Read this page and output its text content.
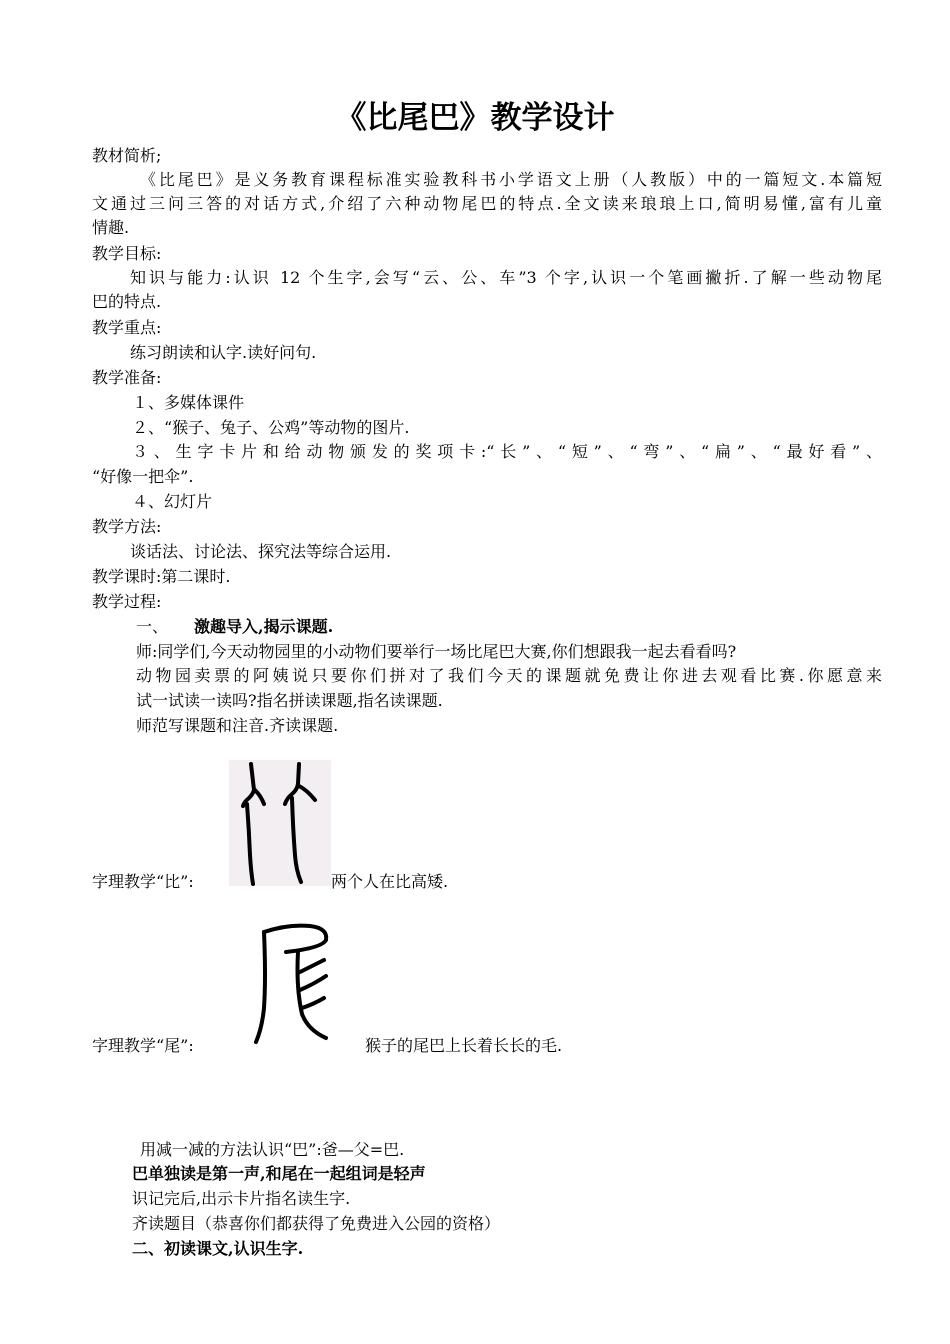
《比尾巴》教学设计
教材简析;
《比尾巴》是义务教育课程标准实验教科书小学语文上册（人教版）中的一篇短文.本篇短
文通过三问三答的对话方式,介绍了六种动物尾巴的特点.全文读来琅琅上口,简明易懂,富有儿童
情趣.
教学目标:
知识与能力:认识 12 个生字,会写“云、公、车”3 个字,认识一个笔画撇折.了解一些动物尾
巴的特点.
教学重点:
练习朗读和认字.读好问句.
教学准备:
１、多媒体课件
２、“猴子、兔子、公鸡”等动物的图片.
３、生字卡片和给动物颁发的奖项卡:“长”、“短”、“弯”、“扁”、“最好看”、
“好像一把伞”.
４、幻灯片
教学方法:
谈话法、讨论法、探究法等综合运用.
教学课时:第二课时.
教学过程:
一、 激趣导入,揭示课题.
师:同学们,今天动物园里的小动物们要举行一场比尾巴大赛,你们想跟我一起去看看吗?
动物园卖票的阿姨说只要你们拼对了我们今天的课题就免费让你进去观看比赛.你愿意来
试一试读一读吗?指名拼读课题,指名读课题.
师范写课题和注音.齐读课题.
字理教学“比”:	两个人在比高矮.
字理教学“尾”:	猴子的尾巴上长着长长的毛.
用减一减的方法认识“巴”:爸—父=巴.
巴单独读是第一声,和尾在一起组词是轻声
识记完后,出示卡片指名读生字.
齐读题目（恭喜你们都获得了免费进入公园的资格）
二、初读课文,认识生字.
